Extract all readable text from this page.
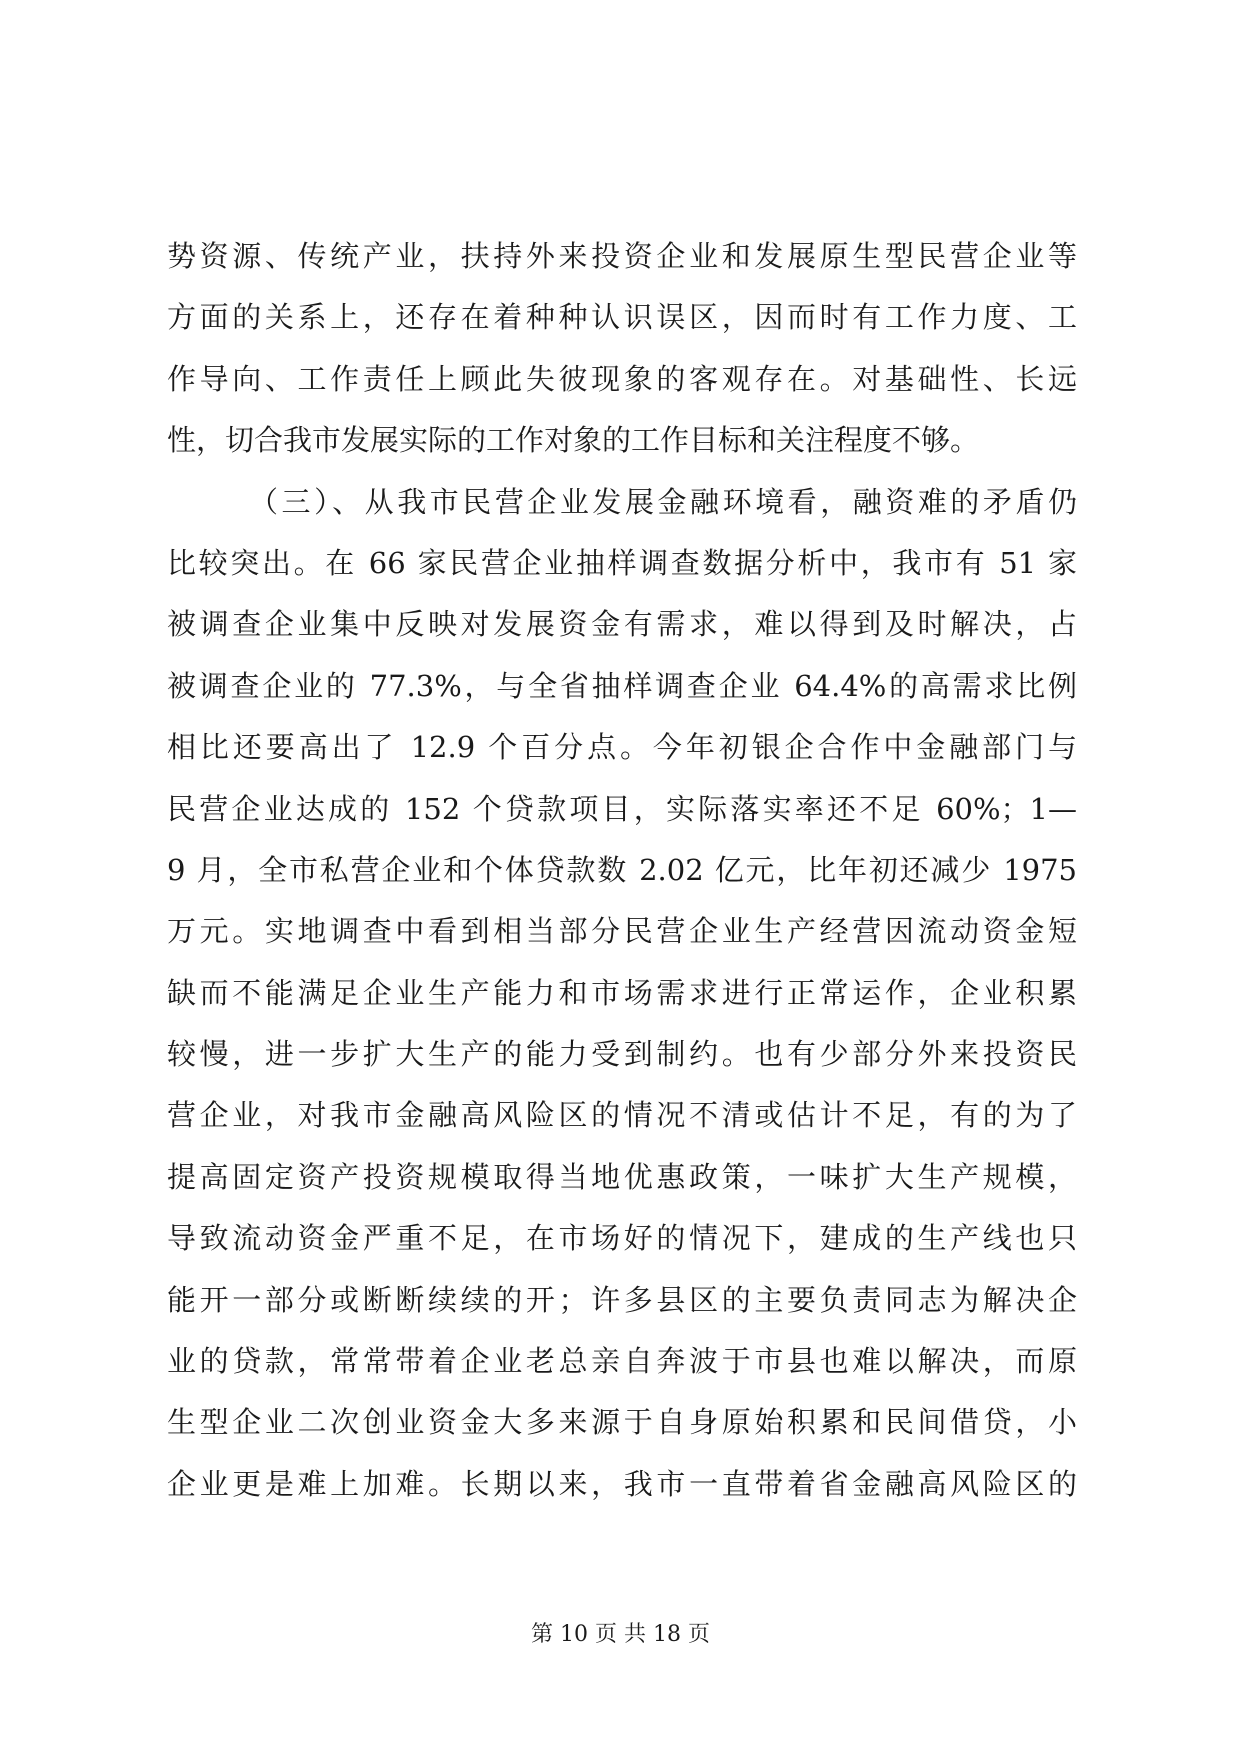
势资源、传统产业，扶持外来投资企业和发展原生型民营企业等
方面的关系上，还存在着种种认识误区，因而时有工作力度、工
作导向、工作责任上顾此失彼现象的客观存在。对基础性、长远
性，切合我市发展实际的工作对象的工作目标和关注程度不够。
（三）、从我市民营企业发展金融环境看，融资难的矛盾仍
比较突出。在 66 家民营企业抽样调查数据分析中，我市有 51 家
被调查企业集中反映对发展资金有需求，难以得到及时解决，占
被调查企业的 77.3%，与全省抽样调查企业 64.4%的高需求比例
相比还要高出了 12.9 个百分点。今年初银企合作中金融部门与
民营企业达成的 152 个贷款项目，实际落实率还不足 60%；1—
9 月，全市私营企业和个体贷款数 2.02 亿元，比年初还减少 1975
万元。实地调查中看到相当部分民营企业生产经营因流动资金短
缺而不能满足企业生产能力和市场需求进行正常运作，企业积累
较慢，进一步扩大生产的能力受到制约。也有少部分外来投资民
营企业，对我市金融高风险区的情况不清或估计不足，有的为了
提高固定资产投资规模取得当地优惠政策，一味扩大生产规模，
导致流动资金严重不足，在市场好的情况下，建成的生产线也只
能开一部分或断断续续的开；许多县区的主要负责同志为解决企
业的贷款，常常带着企业老总亲自奔波于市县也难以解决，而原
生型企业二次创业资金大多来源于自身原始积累和民间借贷，小
企业更是难上加难。长期以来，我市一直带着省金融高风险区的
第 10 页 共 18 页
